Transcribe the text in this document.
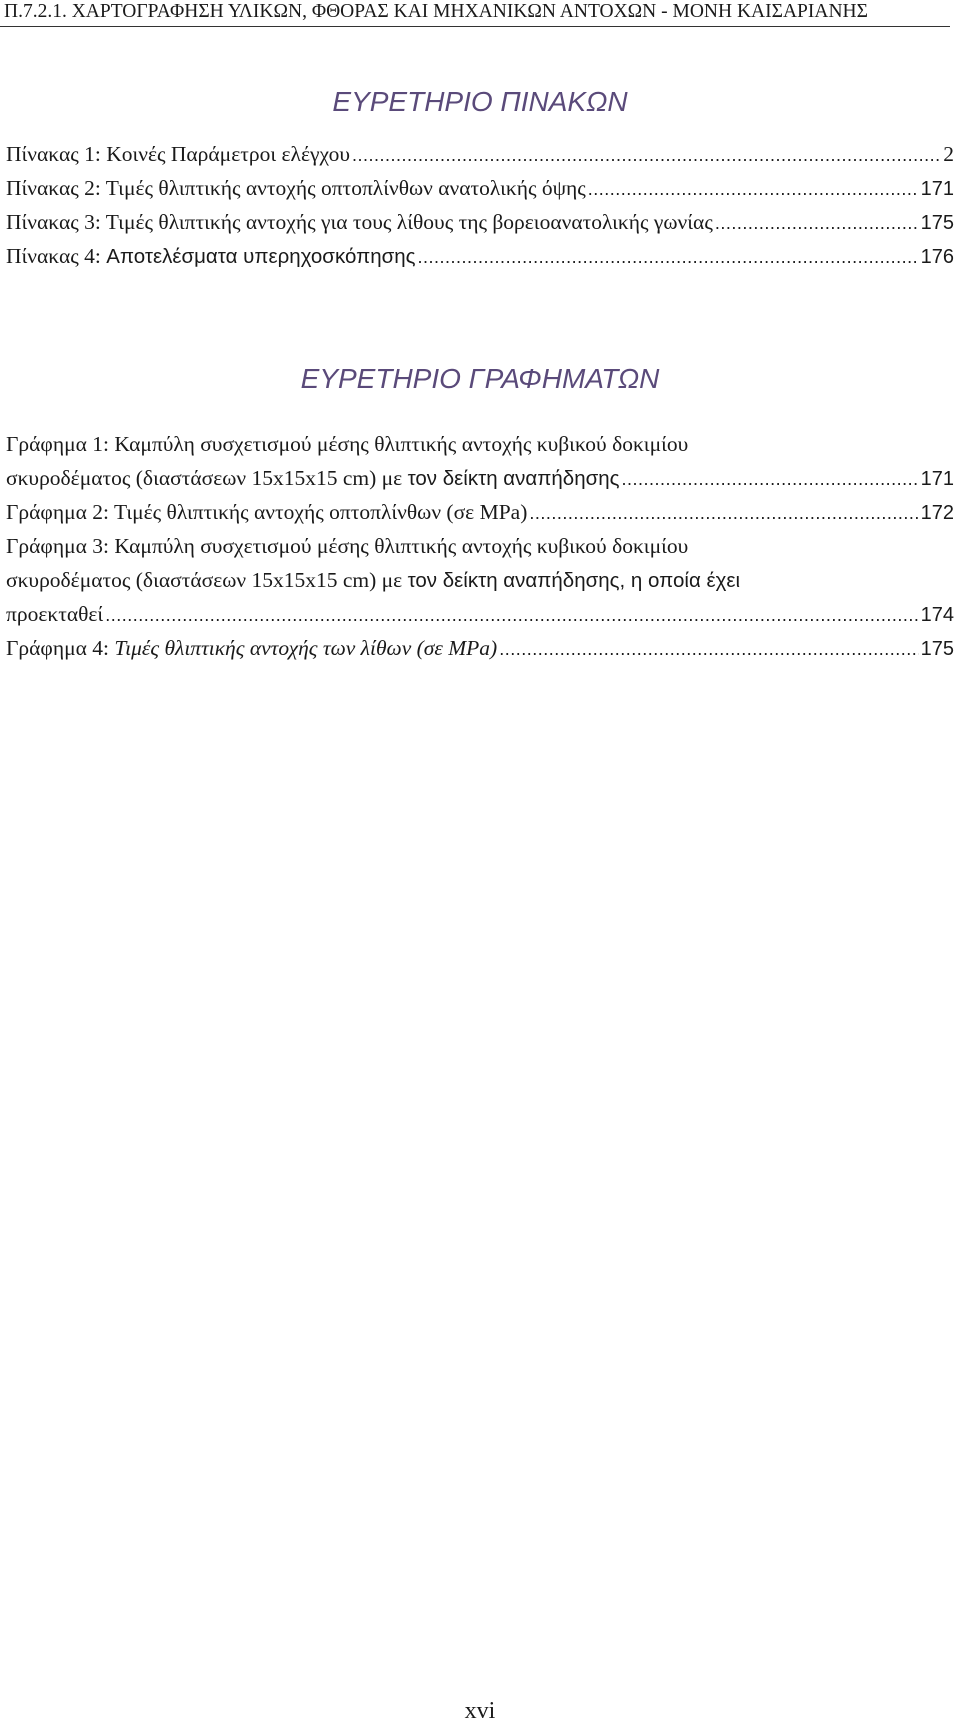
Π.7.2.1. ΧΑΡΤΟΓΡΑΦΗΣΗ ΥΛΙΚΩΝ, ΦΘΟΡΑΣ ΚΑΙ ΜΗΧΑΝΙΚΩΝ ΑΝΤΟΧΩΝ - ΜΟΝΗ ΚΑΙΣΑΡΙΑΝΗΣ
ΕΥΡΕΤΗΡΙΟ ΠΙΝΑΚΩΝ
Πίνακας 1: Κοινές Παράμετροι ελέγχου .....	2
Πίνακας 2: Τιμές θλιπτικής αντοχής οπτοπλίνθων ανατολικής όψης .....	171
Πίνακας 3: Τιμές θλιπτικής αντοχής για τους λίθους της βορειοανατολικής γωνίας .....	175
Πίνακας 4: Αποτελέσματα υπερηχοσκόπησης .....	176
ΕΥΡΕΤΗΡΙΟ ΓΡΑΦΗΜΑΤΩΝ
Γράφημα 1: Καμπύλη συσχετισμού μέσης θλιπτικής αντοχής κυβικού δοκιμίου
σκυροδέματος (διαστάσεων 15x15x15 cm) με τον δείκτη αναπήδησης .....	171
Γράφημα 2: Τιμές θλιπτικής αντοχής οπτοπλίνθων (σε MPa) .....	172
Γράφημα 3: Καμπύλη συσχετισμού μέσης θλιπτικής αντοχής κυβικού δοκιμίου
σκυροδέματος (διαστάσεων 15x15x15 cm) με τον δείκτη αναπήδησης, η οποία έχει
προεκταθεί .....	174
Γράφημα 4: Τιμές θλιπτικής αντοχής των λίθων (σε MPa) .....	175
xvi
